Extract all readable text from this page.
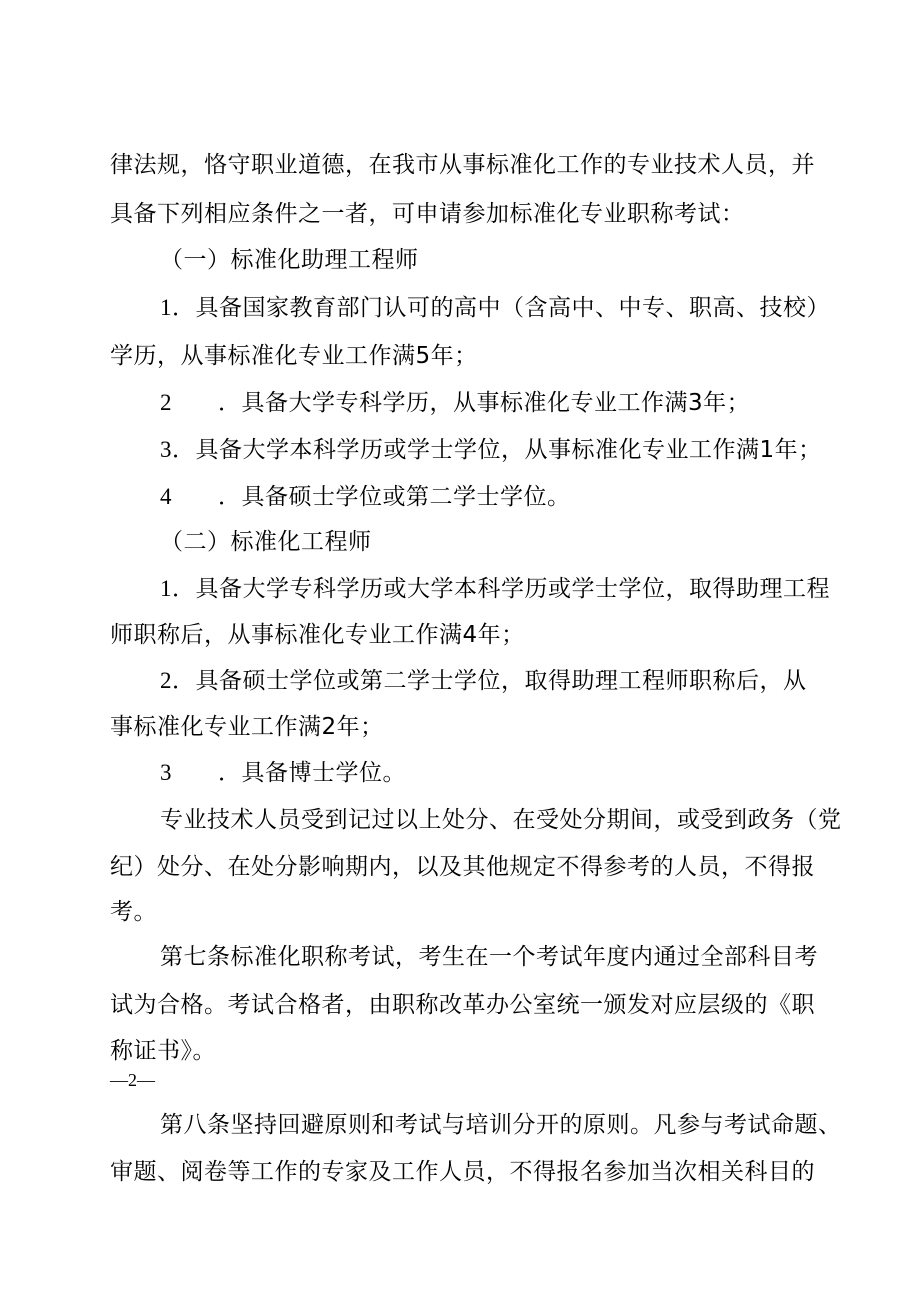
律法规，恪守职业道德，在我市从事标准化工作的专业技术人员，并
具备下列相应条件之一者，可申请参加标准化专业职称考试：
（一）标准化助理工程师
1．具备国家教育部门认可的高中（含高中、中专、职高、技校）
学历，从事标准化专业工作满5年；
2 ．具备大学专科学历，从事标准化专业工作满3年；
3．具备大学本科学历或学士学位，从事标准化专业工作满1年；
4 ．具备硕士学位或第二学士学位。
（二）标准化工程师
1．具备大学专科学历或大学本科学历或学士学位，取得助理工程
师职称后，从事标准化专业工作满4年；
2．具备硕士学位或第二学士学位，取得助理工程师职称后，从
事标准化专业工作满2年；
3 ．具备博士学位。
专业技术人员受到记过以上处分、在受处分期间，或受到政务（党
纪）处分、在处分影响期内，以及其他规定不得参考的人员，不得报
考。
第七条标准化职称考试，考生在一个考试年度内通过全部科目考
试为合格。考试合格者，由职称改革办公室统一颁发对应层级的《职
称证书》。
—2—
第八条坚持回避原则和考试与培训分开的原则。凡参与考试命题、
审题、阅卷等工作的专家及工作人员，不得报名参加当次相关科目的
